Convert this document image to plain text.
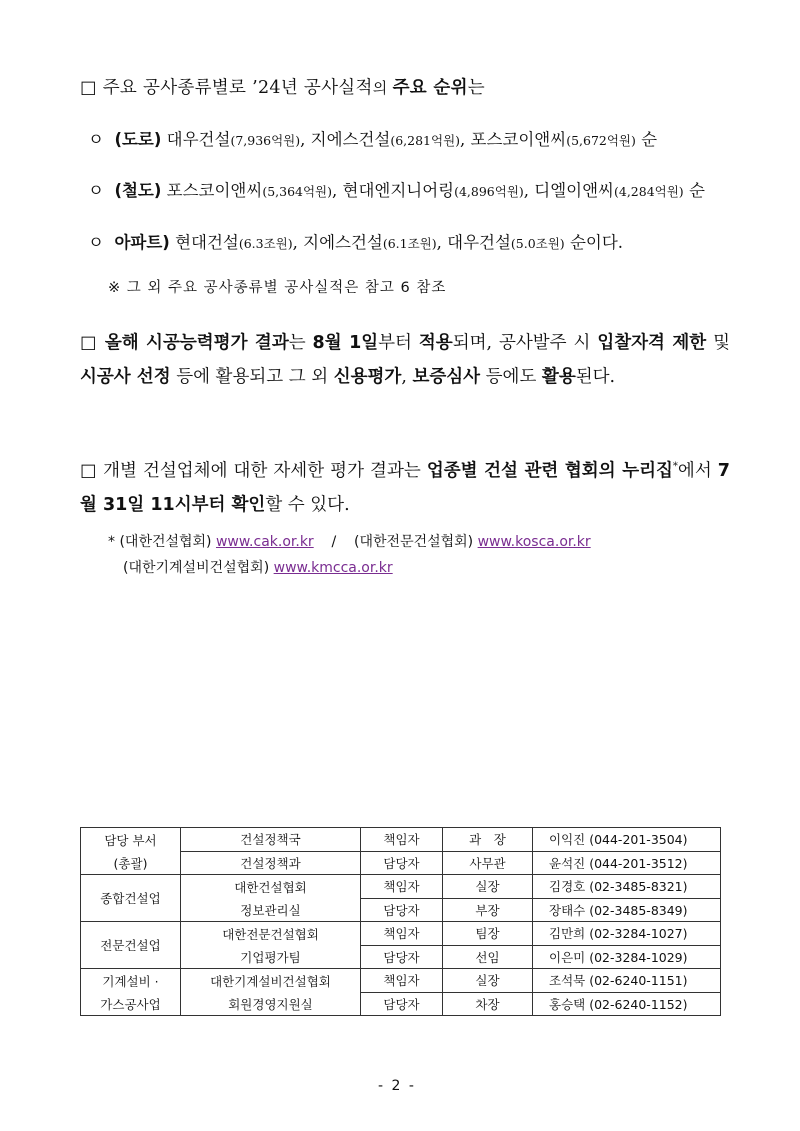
□ 주요 공사종류별로 ’24년 공사실적의 주요 순위는
ㅇ (도로) 대우건설(7,936억원), 지에스건설(6,281억원), 포스코이앤씨(5,672억원) 순
ㅇ (철도) 포스코이앤씨(5,364억원), 현대엔지니어링(4,896억원), 디엘이앤씨(4,284억원) 순
ㅇ 아파트) 현대건설(6.3조원), 지에스건설(6.1조원), 대우건설(5.0조원) 순이다.
※ 그 외 주요 공사종류별 공사실적은 참고 6 참조
□ 올해 시공능력평가 결과는 8월 1일부터 적용되며, 공사발주 시 입찰자격 제한 및 시공사 선정 등에 활용되고 그 외 신용평가, 보증심사 등에도 활용된다.
□ 개별 건설업체에 대한 자세한 평가 결과는 업종별 건설 관련 협회의 누리집*에서 7월 31일 11시부터 확인할 수 있다.
* (대한건설협회) www.cak.or.kr / (대한전문건설협회) www.kosca.or.kr
(대한기계설비건설협회) www.kmcca.or.kr
담당 부서	건설정책국	책임자	과　장	이익진 (044-201-3504)
(총괄)	건설정책과	담당자	사무관	윤석진 (044-201-3512)
종합건설업	대한건설협회	책임자	실장	김경호 (02-3485-8321)
	정보관리실	담당자	부장	장태수 (02-3485-8349)
전문건설업	대한전문건설협회	책임자	팀장	김만희 (02-3284-1027)
	기업평가팀	담당자	선임	이은미 (02-3284-1029)
기계설비 ·	대한기계설비건설협회	책임자	실장	조석묵 (02-6240-1151)
가스공사업	회원경영지원실	담당자	차장	홍승택 (02-6240-1152)
- 2 -
